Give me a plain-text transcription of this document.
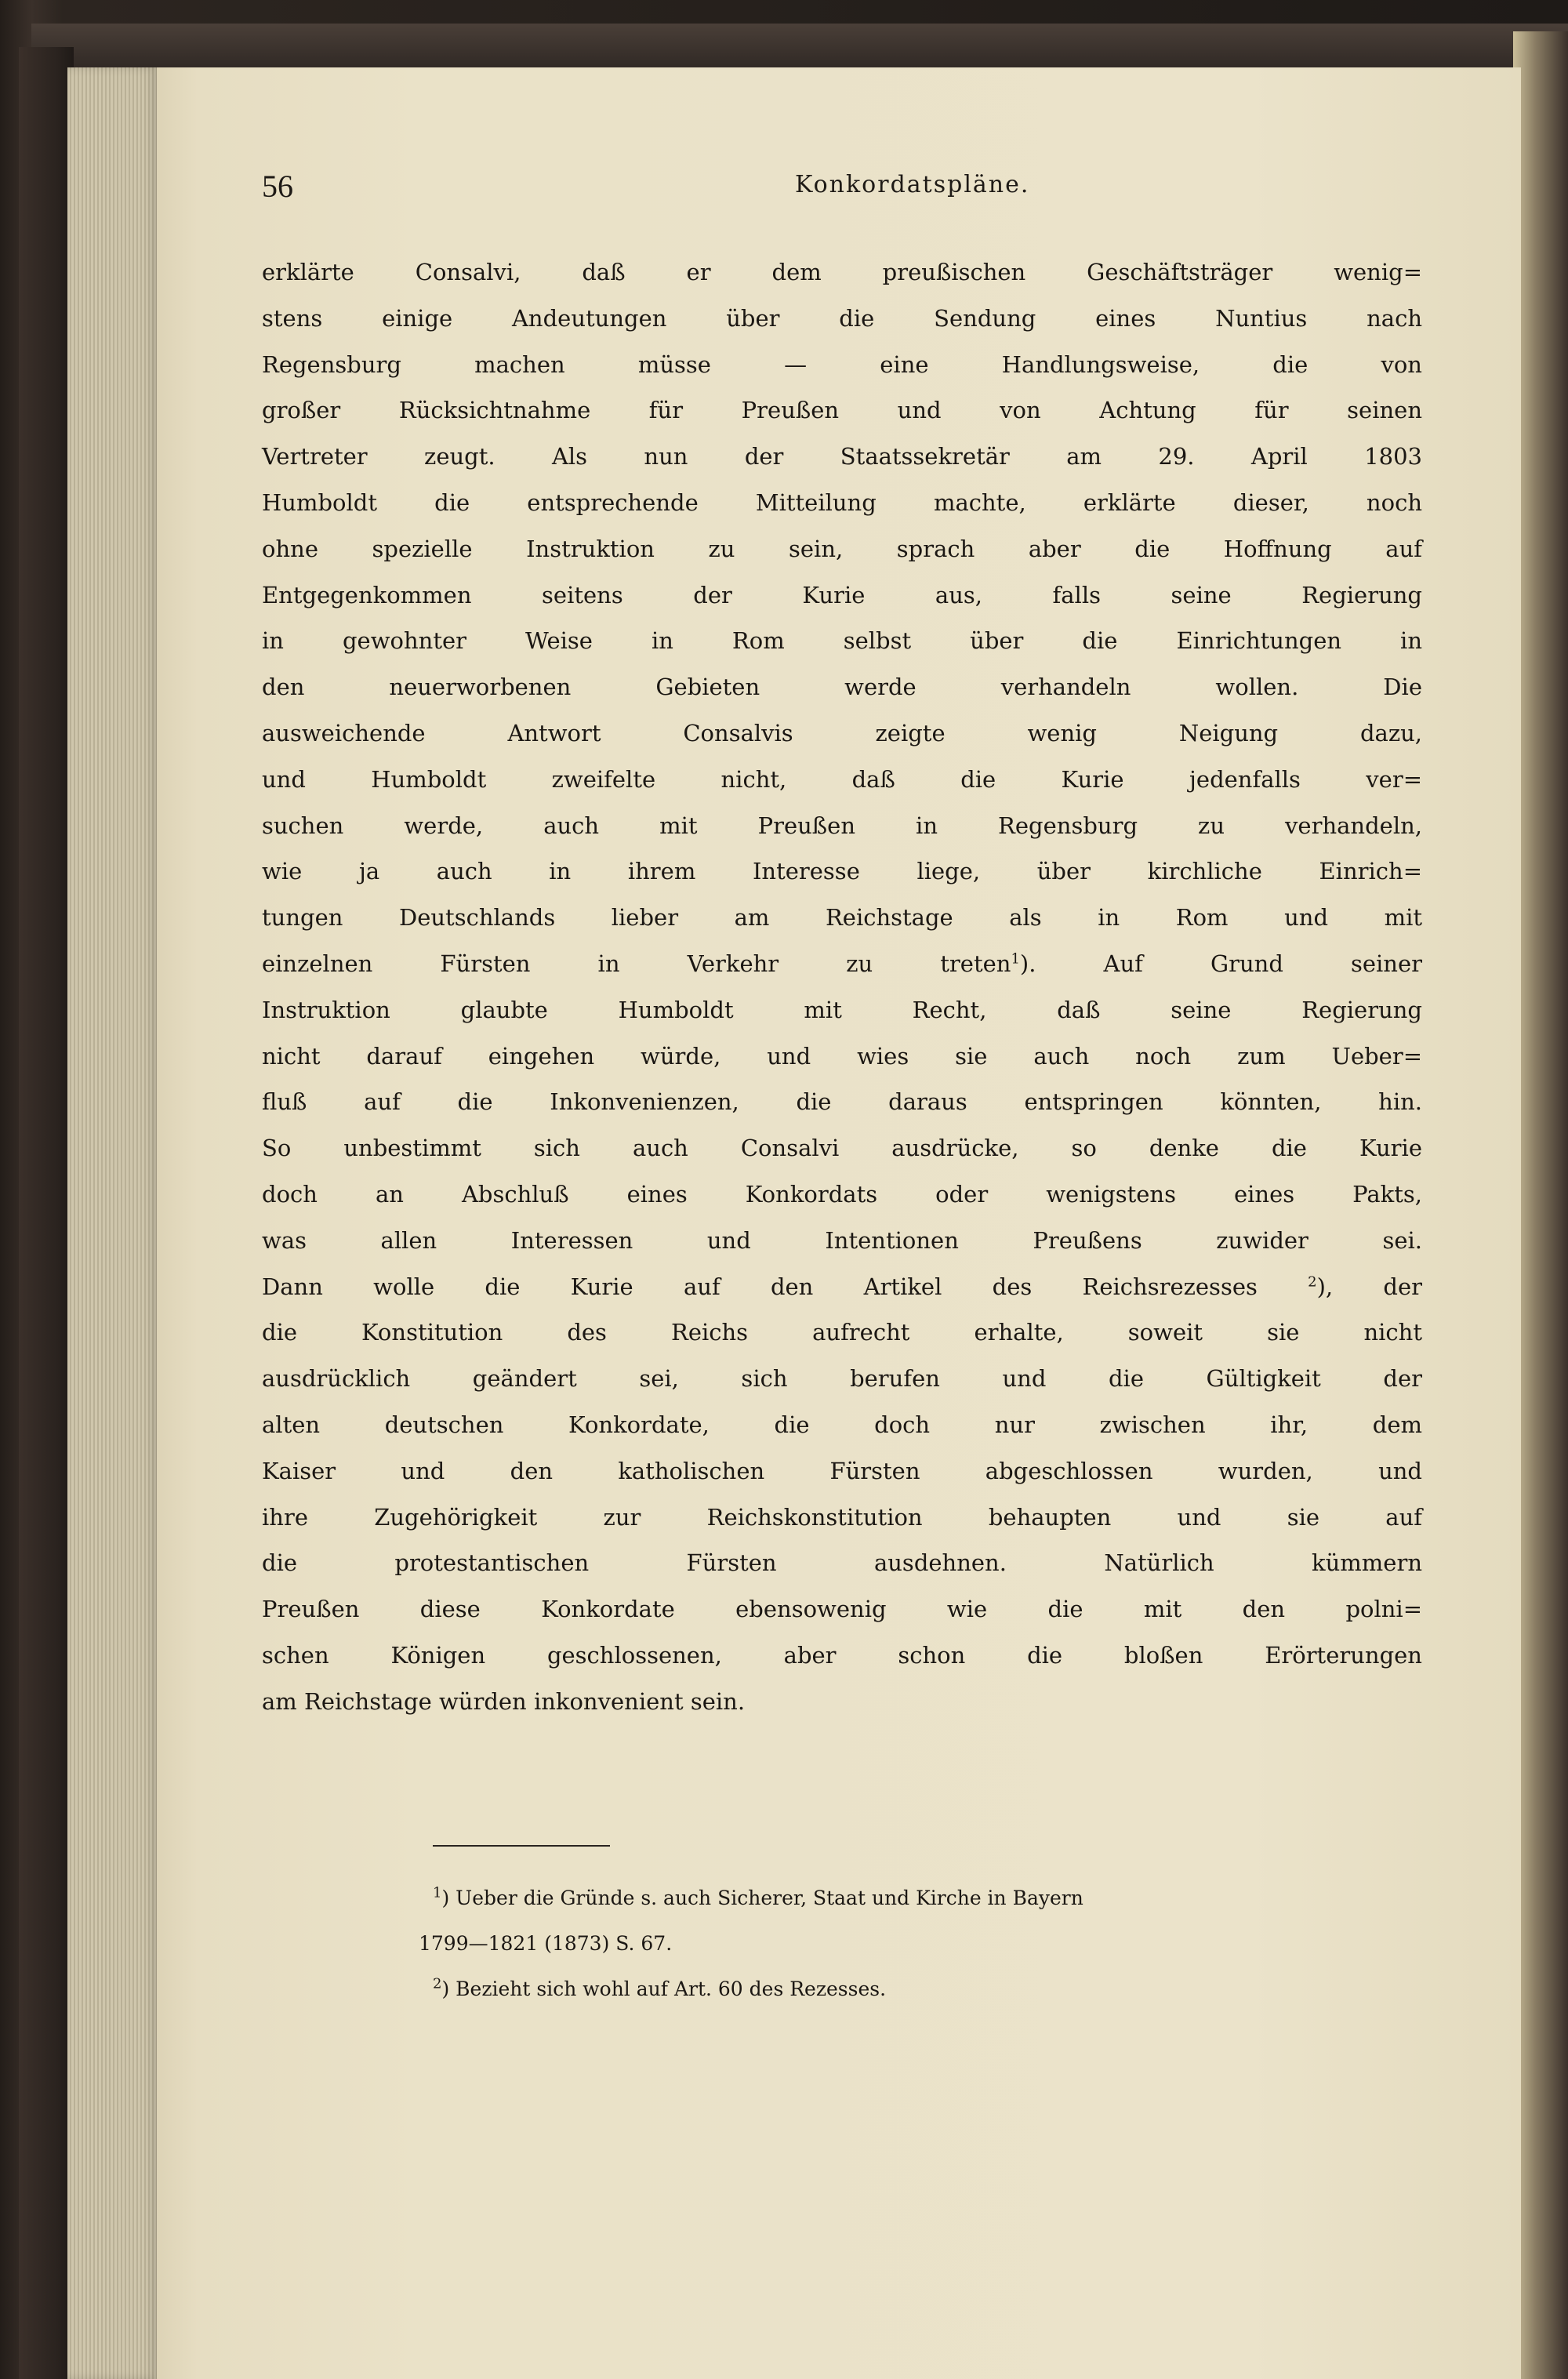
56	Konkordatspläne.
erklärte Consalvi, daß er dem preußischen Geschäftsträger wenig=
stens einige Andeutungen über die Sendung eines Nuntius nach
Regensburg machen müsse — eine Handlungsweise, die von
großer Rücksichtnahme für Preußen und von Achtung für seinen
Vertreter zeugt. Als nun der Staatssekretär am 29. April 1803
Humboldt die entsprechende Mitteilung machte, erklärte dieser, noch
ohne spezielle Instruktion zu sein, sprach aber die Hoffnung auf
Entgegenkommen seitens der Kurie aus, falls seine Regierung
in gewohnter Weise in Rom selbst über die Einrichtungen in
den neuerworbenen Gebieten werde verhandeln wollen. Die
ausweichende Antwort Consalvis zeigte wenig Neigung dazu,
und Humboldt zweifelte nicht, daß die Kurie jedenfalls ver=
suchen werde, auch mit Preußen in Regensburg zu verhandeln,
wie ja auch in ihrem Interesse liege, über kirchliche Einrich=
tungen Deutschlands lieber am Reichstage als in Rom und mit
einzelnen Fürsten in Verkehr zu treten$^1$). Auf Grund seiner
Instruktion glaubte Humboldt mit Recht, daß seine Regierung
nicht darauf eingehen würde, und wies sie auch noch zum Ueber=
fluß auf die Inkonvenienzen, die daraus entspringen könnten, hin.
So unbestimmt sich auch Consalvi ausdrücke, so denke die Kurie
doch an Abschluß eines Konkordats oder wenigstens eines Pakts,
was allen Interessen und Intentionen Preußens zuwider sei.
Dann wolle die Kurie auf den Artikel des Reichsrezesses	$^2$), der
die Konstitution des Reichs aufrecht erhalte, soweit sie nicht
ausdrücklich geändert sei, sich berufen und die Gültigkeit der
alten deutschen Konkordate, die doch nur zwischen ihr, dem
Kaiser und den katholischen Fürsten abgeschlossen wurden, und
ihre Zugehörigkeit zur Reichskonstitution behaupten und sie auf
die protestantischen Fürsten ausdehnen. Natürlich kümmern
Preußen diese Konkordate ebensowenig wie die mit den polni=
schen Königen geschlossenen, aber schon die bloßen Erörterungen
am Reichstage würden inkonvenient sein.
$^1$) Ueber die Gründe s. auch Sicherer, Staat und Kirche in Bayern
1799—1821 (1873) S. 67.
$^2$) Bezieht sich wohl auf Art. 60 des Rezesses.
